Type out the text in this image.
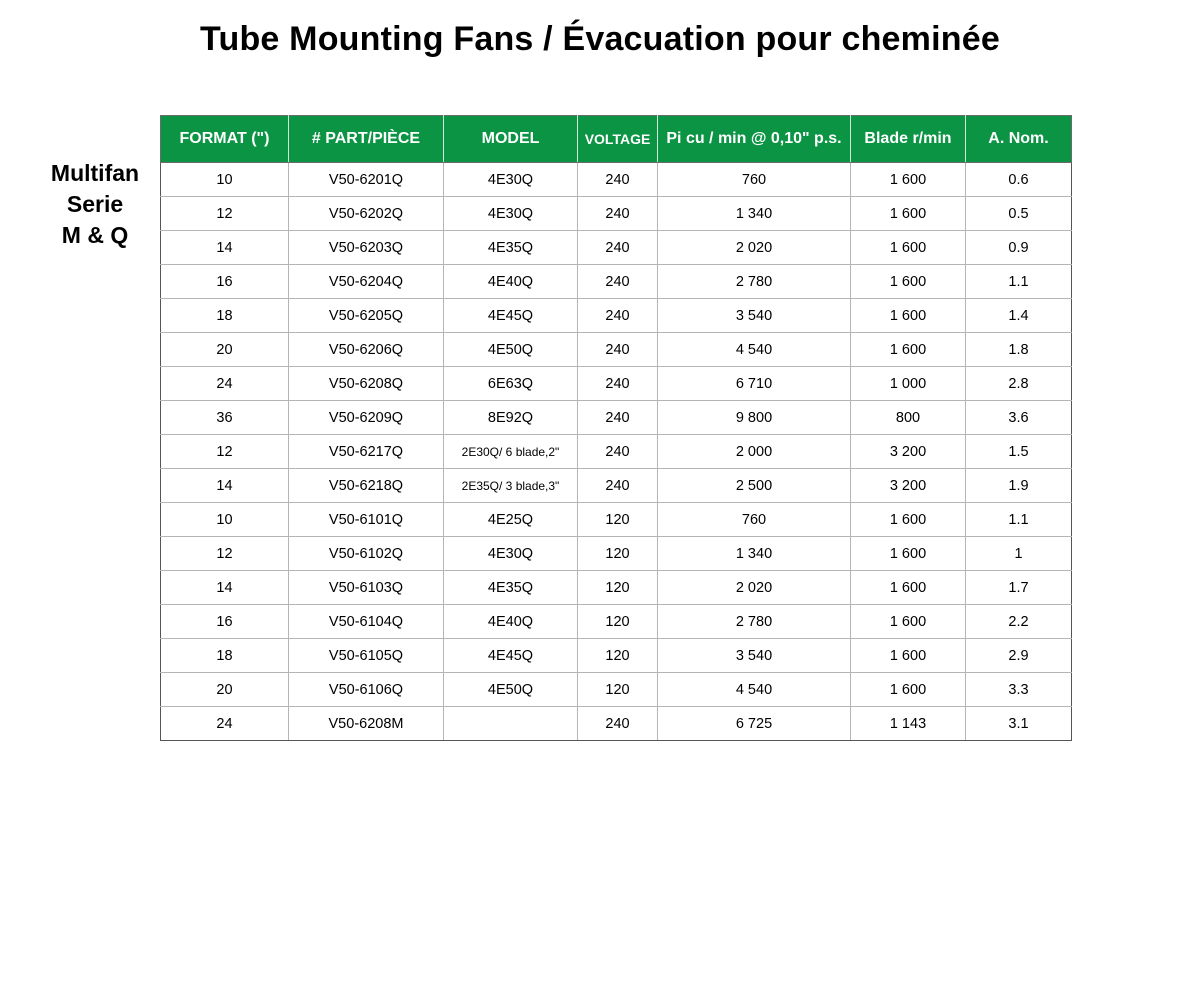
Tube Mounting Fans / Évacuation pour cheminée
Multifan
Serie
M & Q
FORMAT (")	# PART/PIÈCE	MODEL	VOLTAGE	Pi cu / min @ 0,10" p.s.	Blade r/min	A. Nom.
10	V50-6201Q	4E30Q	240	760	1 600	0.6
12	V50-6202Q	4E30Q	240	1 340	1 600	0.5
14	V50-6203Q	4E35Q	240	2 020	1 600	0.9
16	V50-6204Q	4E40Q	240	2 780	1 600	1.1
18	V50-6205Q	4E45Q	240	3 540	1 600	1.4
20	V50-6206Q	4E50Q	240	4 540	1 600	1.8
24	V50-6208Q	6E63Q	240	6 710	1 000	2.8
36	V50-6209Q	8E92Q	240	9 800	800	3.6
12	V50-6217Q	2E30Q/ 6 blade,2"	240	2 000	3 200	1.5
14	V50-6218Q	2E35Q/ 3 blade,3"	240	2 500	3 200	1.9
10	V50-6101Q	4E25Q	120	760	1 600	1.1
12	V50-6102Q	4E30Q	120	1 340	1 600	1
14	V50-6103Q	4E35Q	120	2 020	1 600	1.7
16	V50-6104Q	4E40Q	120	2 780	1 600	2.2
18	V50-6105Q	4E45Q	120	3 540	1 600	2.9
20	V50-6106Q	4E50Q	120	4 540	1 600	3.3
24	V50-6208M		240	6 725	1 143	3.1
